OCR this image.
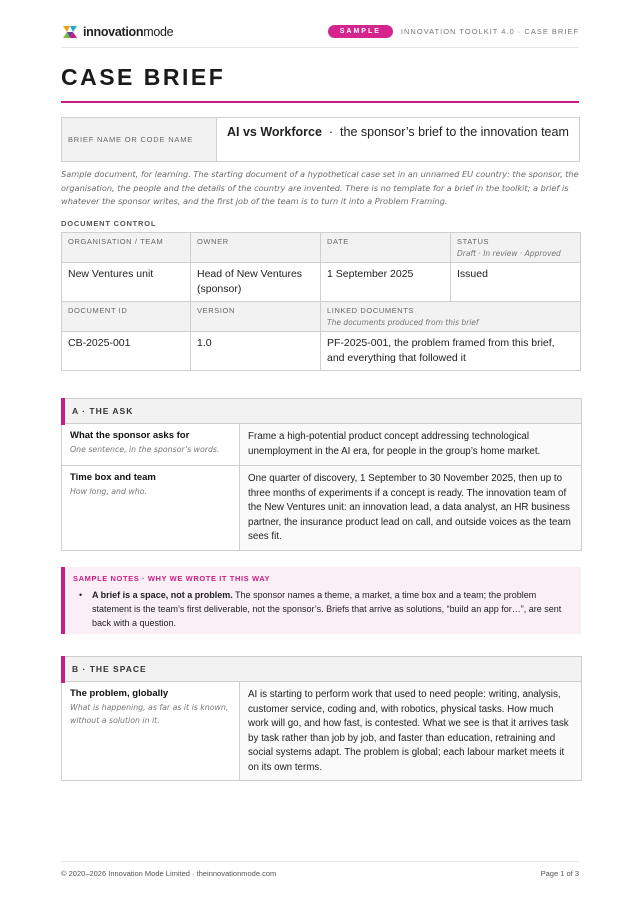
innovationmode	SAMPLE	INNOVATION TOOLKIT 4.0 · CASE BRIEF
CASE BRIEF
BRIEF NAME OR CODE NAME
AI vs Workforce · the sponsor’s brief to the innovation team
Sample document, for learning. The starting document of a hypothetical case set in an unnamed EU country: the sponsor, the organisation, the people and the details of the country are invented. There is no template for a brief in the toolkit; a brief is whatever the sponsor writes, and the first job of the team is to turn it into a Problem Framing.
DOCUMENT CONTROL
ORGANISATION / TEAM	OWNER	DATE	STATUS
Draft · In review · Approved

New Ventures unit	Head of New Ventures (sponsor)	1 September 2025	Issued

DOCUMENT ID	VERSION	LINKED DOCUMENTS
The documents produced from this brief	

CB-2025-001	1.0	PF-2025-001, the problem framed from this brief, and everything that followed it	
A · THE ASK
What the sponsor asks for
One sentence, in the sponsor’s words.
Frame a high-potential product concept addressing technological unemployment in the AI era, for people in the group’s home market.
Time box and team
How long, and who.
One quarter of discovery, 1 September to 30 November 2025, then up to three months of experiments if a concept is ready. The innovation team of the New Ventures unit: an innovation lead, a data analyst, an HR business partner, the insurance product lead on call, and outside voices as the team sees fit.
SAMPLE NOTES · WHY WE WROTE IT THIS WAY
•	A brief is a space, not a problem. The sponsor names a theme, a market, a time box and a team; the problem statement is the team’s first deliverable, not the sponsor’s. Briefs that arrive as solutions, “build an app for…”, are sent back with a question.
B · THE SPACE
The problem, globally
What is happening, as far as it is known, without a solution in it.
AI is starting to perform work that used to need people: writing, analysis, customer service, coding and, with robotics, physical tasks. How much work will go, and how fast, is contested. What we see is that it arrives task by task rather than job by job, and faster than education, retraining and social systems adapt. The problem is global; each labour market meets it on its own terms.
© 2020–2026 Innovation Mode Limited · theinnovationmode.com	Page 1 of 3
